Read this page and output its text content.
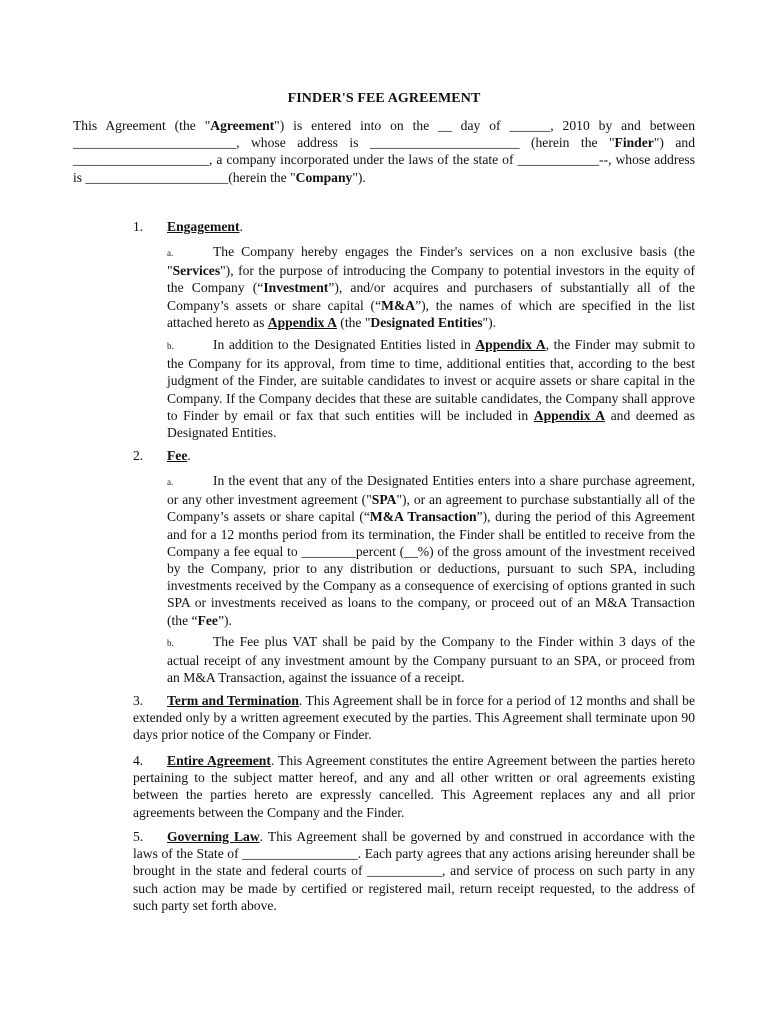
FINDER'S FEE AGREEMENT

This Agreement (the "Agreement") is entered into on the __ day of ______, 2010 by and between ________________________, whose address is ______________________ (herein the "Finder") and ____________________, a company incorporated under the laws of the state of ____________--, whose address is _____________________(herein the "Company").

1. Engagement.

a.	The Company hereby engages the Finder's services on a non exclusive basis (the "Services"), for the purpose of introducing the Company to potential investors in the equity of the Company (“Investment”), and/or acquires and purchasers of substantially all of the Company’s assets or share capital (“M&A”), the names of which are specified in the list attached hereto as Appendix A (the "Designated Entities").

b.	In addition to the Designated Entities listed in Appendix A, the Finder may submit to the Company for its approval, from time to time, additional entities that, according to the best judgment of the Finder, are suitable candidates to invest or acquire assets or share capital in the Company. If the Company decides that these are suitable candidates, the Company shall approve to Finder by email or fax that such entities will be included in Appendix A and deemed as Designated Entities.

2. Fee.

a.	In the event that any of the Designated Entities enters into a share purchase agreement, or any other investment agreement ("SPA"), or an agreement to purchase substantially all of the Company’s assets or share capital (“M&A Transaction”), during the period of this Agreement and for a 12 months period from its termination, the Finder shall be entitled to receive from the Company a fee equal to ________percent (__%) of the gross amount of the investment received by the Company, prior to any distribution or deductions, pursuant to such SPA, including investments received by the Company as a consequence of exercising of options granted in such SPA or investments received as loans to the company, or proceed out of an M&A Transaction (the “Fee”).

b.	The Fee plus VAT shall be paid by the Company to the Finder within 3 days of the actual receipt of any investment amount by the Company pursuant to an SPA, or proceed from an M&A Transaction, against the issuance of a receipt.

3. Term and Termination. This Agreement shall be in force for a period of 12 months and shall be extended only by a written agreement executed by the parties. This Agreement shall terminate upon 90 days prior notice of the Company or Finder.

4. Entire Agreement. This Agreement constitutes the entire Agreement between the parties hereto pertaining to the subject matter hereof, and any and all other written or oral agreements existing between the parties hereto are expressly cancelled. This Agreement replaces any and all prior agreements between the Company and the Finder.

5. Governing Law. This Agreement shall be governed by and construed in accordance with the laws of the State of _________________. Each party agrees that any actions arising hereunder shall be brought in the state and federal courts of ___________, and service of process on such party in any such action may be made by certified or registered mail, return receipt requested, to the address of such party set forth above.
